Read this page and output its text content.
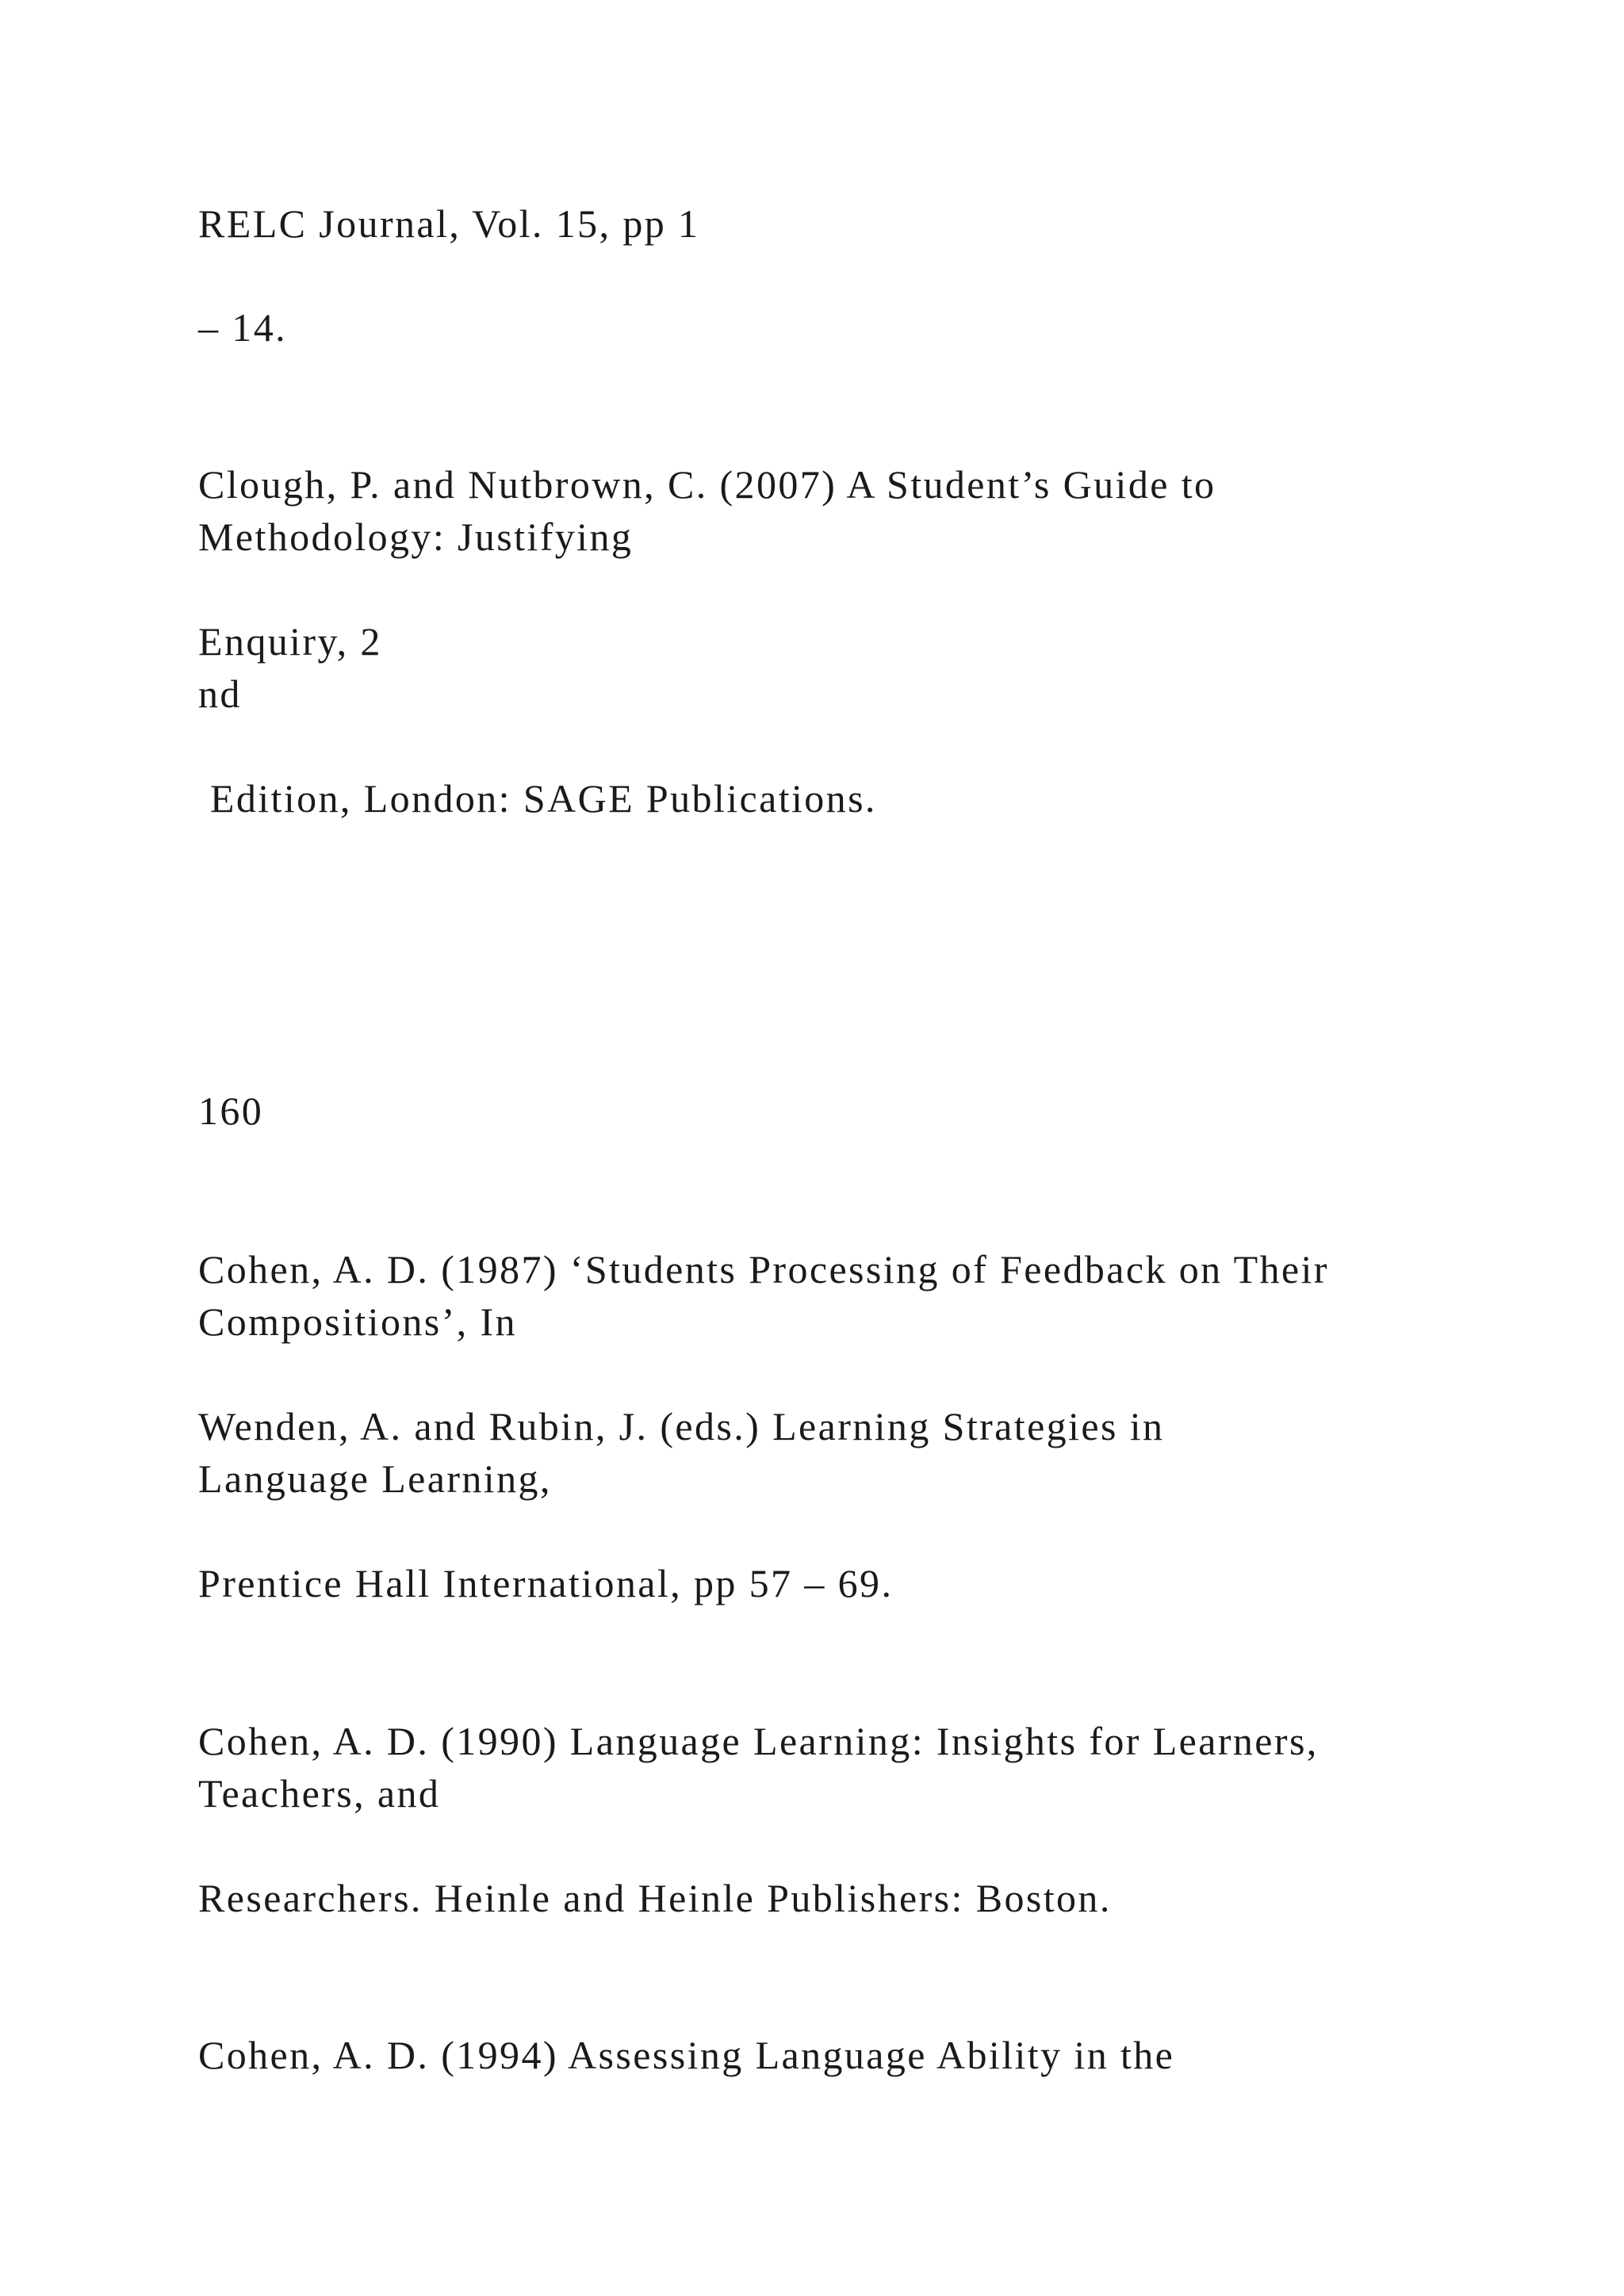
RELC Journal, Vol. 15, pp 1

– 14.

Clough, P. and Nutbrown, C. (2007) A Student’s Guide to

Methodology: Justifying

Enquiry, 2

nd

Edition, London: SAGE Publications.

160

Cohen, A. D. (1987) ‘Students Processing of Feedback on Their

Compositions’, In

Wenden, A. and Rubin, J. (eds.) Learning Strategies in

Language Learning,

Prentice Hall International, pp 57 – 69.

Cohen, A. D. (1990) Language Learning: Insights for Learners,

Teachers, and

Researchers. Heinle and Heinle Publishers: Boston.

Cohen, A. D. (1994) Assessing Language Ability in the
